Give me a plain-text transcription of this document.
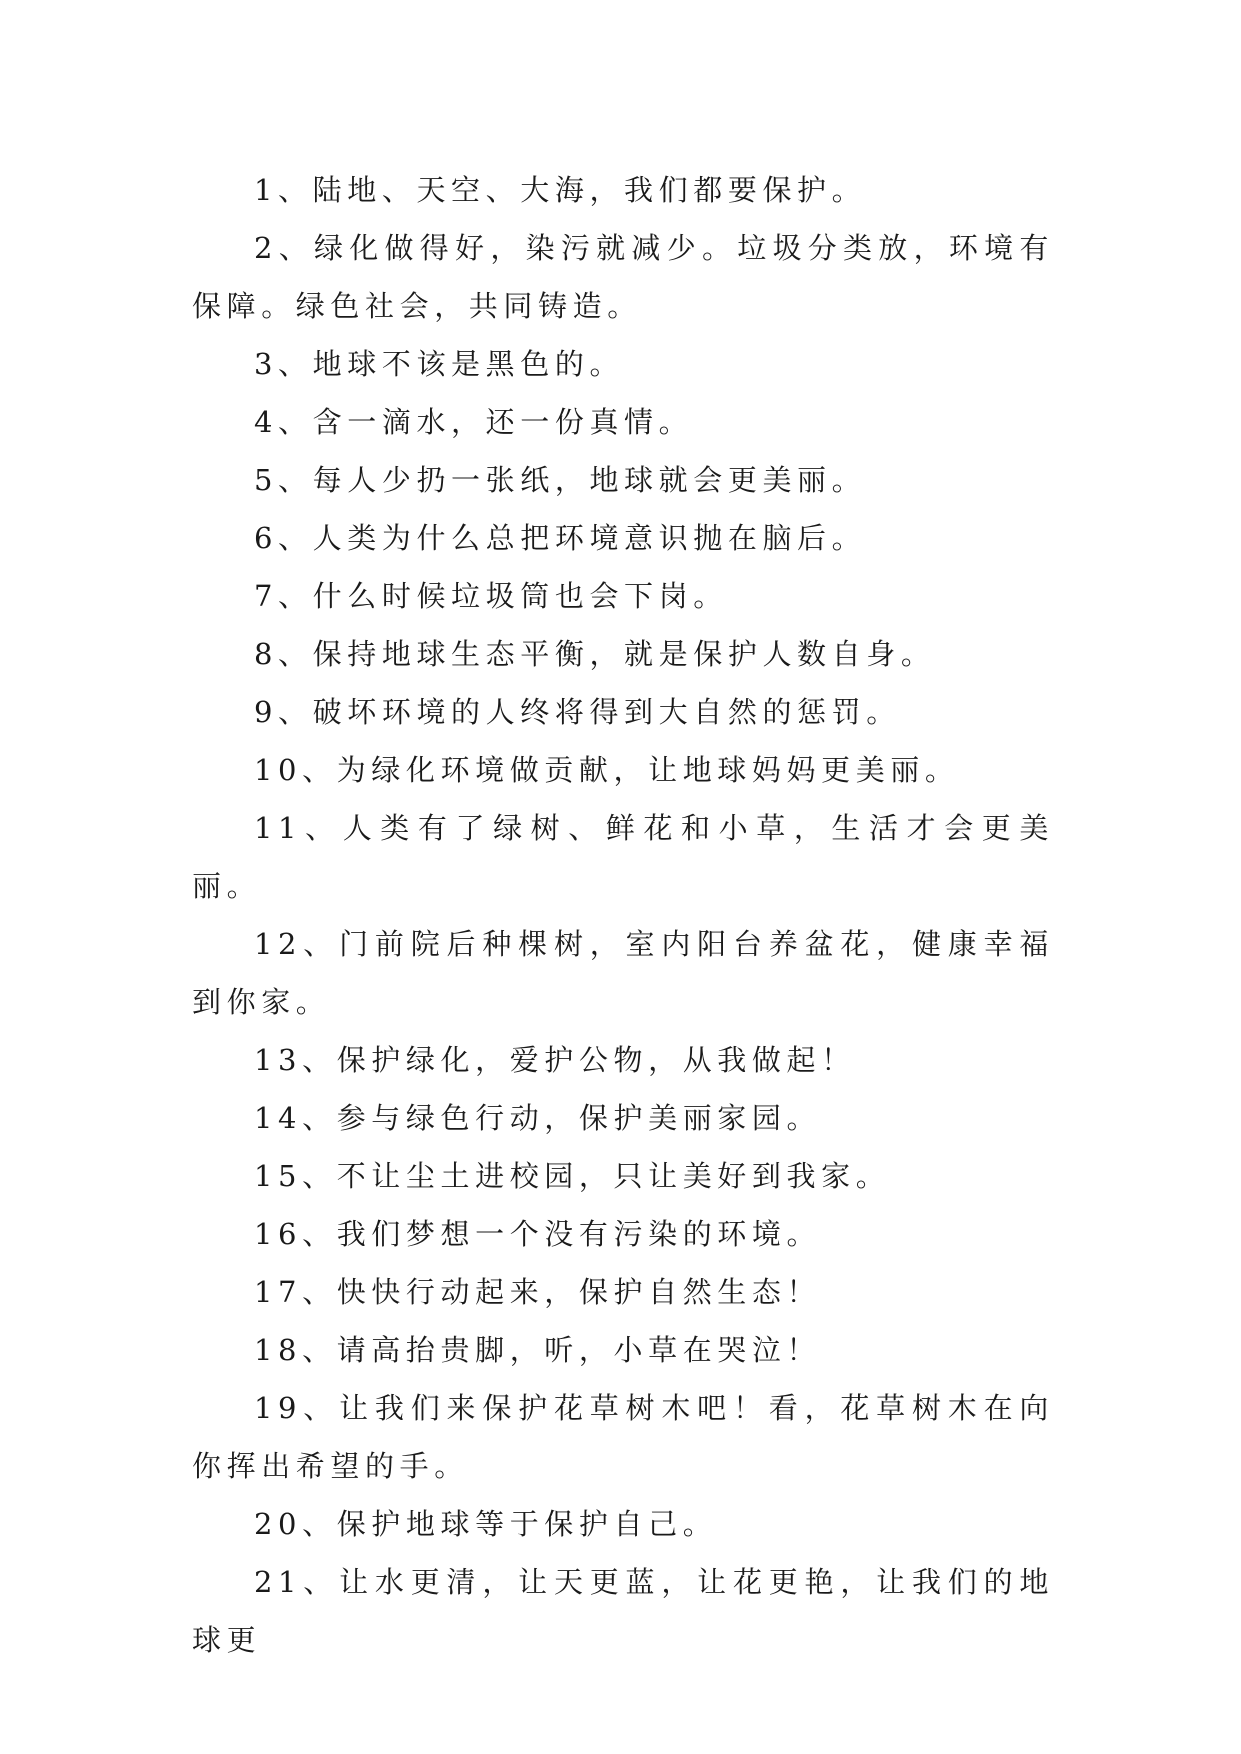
1、陆地、天空、大海，我们都要保护。

2、绿化做得好，染污就减少。垃圾分类放，环境有保障。绿色社会，共同铸造。

3、地球不该是黑色的。

4、含一滴水，还一份真情。

5、每人少扔一张纸，地球就会更美丽。

6、人类为什么总把环境意识抛在脑后。

7、什么时候垃圾筒也会下岗。

8、保持地球生态平衡，就是保护人数自身。

9、破坏环境的人终将得到大自然的惩罚。

10、为绿化环境做贡献，让地球妈妈更美丽。

11、人类有了绿树、鲜花和小草，生活才会更美丽。

12、门前院后种棵树，室内阳台养盆花，健康幸福到你家。

13、保护绿化，爱护公物，从我做起！

14、参与绿色行动，保护美丽家园。

15、不让尘土进校园，只让美好到我家。

16、我们梦想一个没有污染的环境。

17、快快行动起来，保护自然生态！

18、请高抬贵脚，听，小草在哭泣！

19、让我们来保护花草树木吧！看，花草树木在向你挥出希望的手。

20、保护地球等于保护自己。

21、让水更清，让天更蓝，让花更艳，让我们的地球更
